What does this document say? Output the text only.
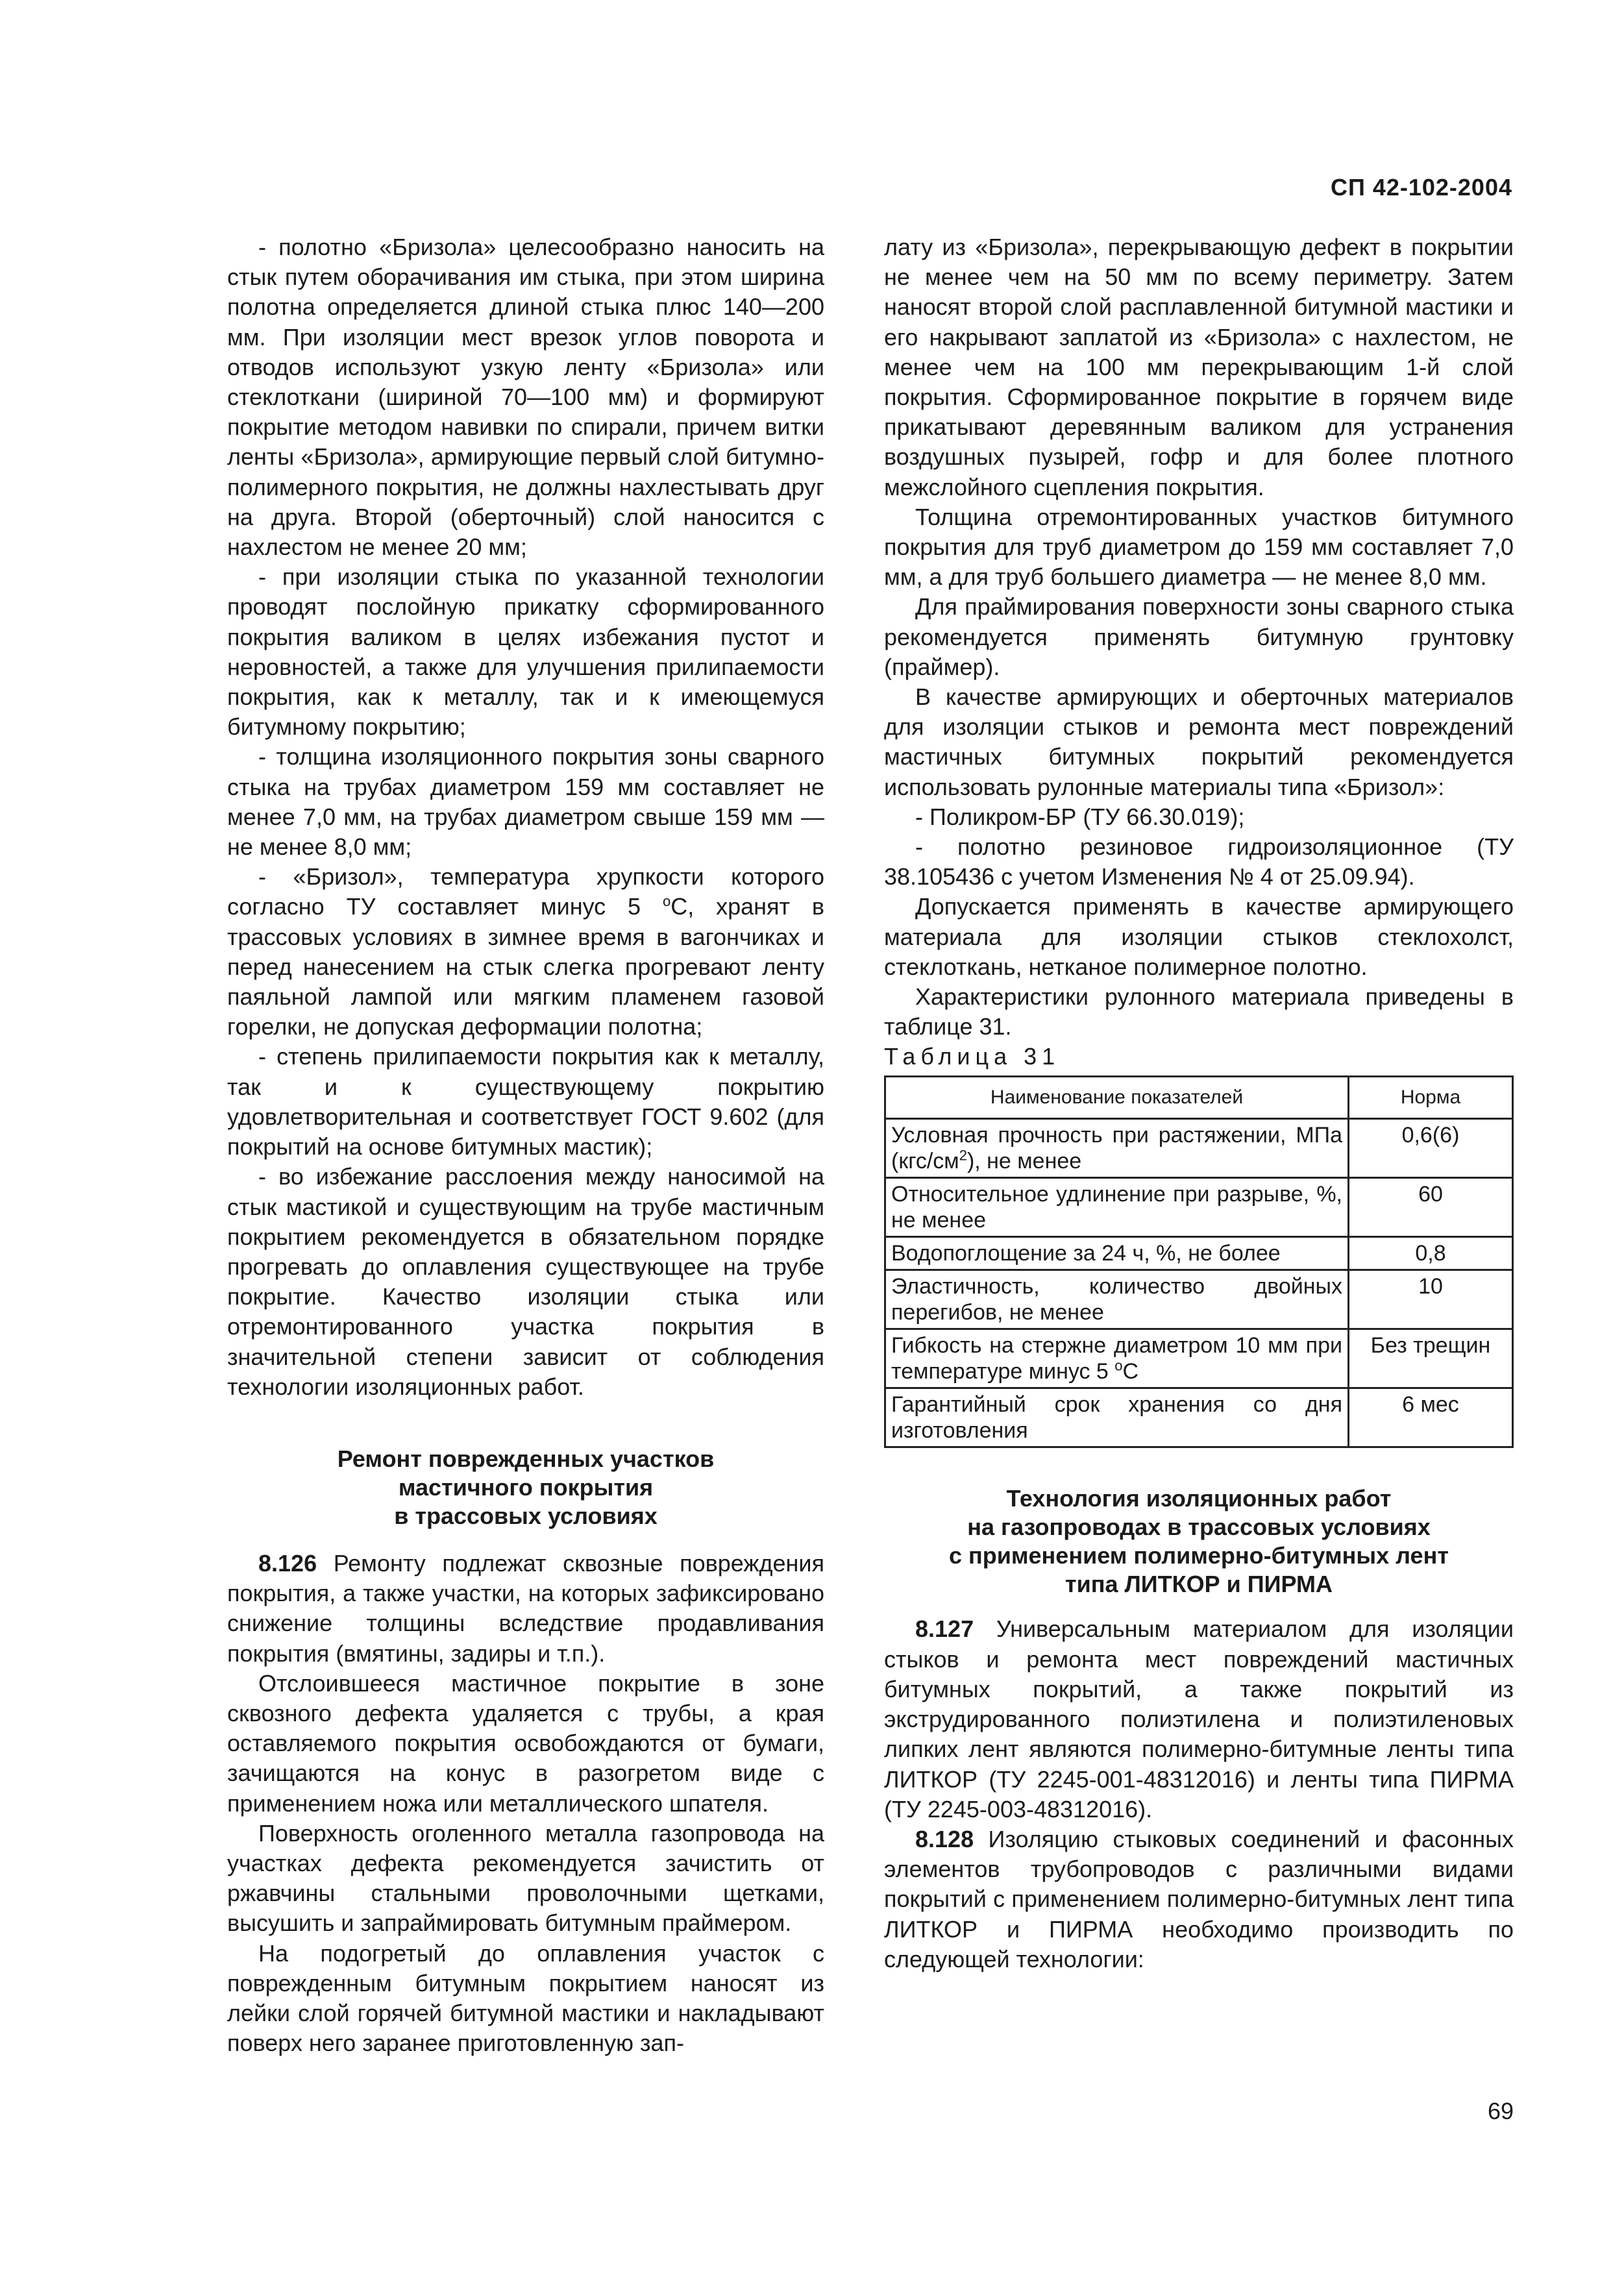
СП 42-102-2004

- полотно «Бризола» целесообразно наносить на стык путем оборачивания им стыка, при этом ширина полотна определяется длиной стыка плюс 140—200 мм. При изоляции мест врезок углов поворота и отводов используют узкую ленту «Бризола» или стеклоткани (шириной 70—100 мм) и формируют покрытие методом навивки по спирали, причем витки ленты «Бризола», армирующие первый слой битумно-полимерного покрытия, не должны нахлестывать друг на друга. Второй (оберточный) слой наносится с нахлестом не менее 20 мм;

- при изоляции стыка по указанной технологии проводят послойную прикатку сформированного покрытия валиком в целях избежания пустот и неровностей, а также для улучшения прилипаемости покрытия, как к металлу, так и к имеющемуся битумному покрытию;

- толщина изоляционного покрытия зоны сварного стыка на трубах диаметром 159 мм составляет не менее 7,0 мм, на трубах диаметром свыше 159 мм — не менее 8,0 мм;

- «Бризол», температура хрупкости которого согласно ТУ составляет минус 5 $^о$С, хранят в трассовых условиях в зимнее время в вагончиках и перед нанесением на стык слегка прогревают ленту паяльной лампой или мягким пламенем газовой горелки, не допуская деформации полотна;

- степень прилипаемости покрытия как к металлу, так и к существующему покрытию удовлетворительная и соответствует ГОСТ 9.602 (для покрытий на основе битумных мастик);

- во избежание расслоения между наносимой на стык мастикой и существующим на трубе мастичным покрытием рекомендуется в обязательном порядке прогревать до оплавления существующее на трубе покрытие. Качество изоляции стыка или отремонтированного участка покрытия в значительной степени зависит от соблюдения технологии изоляционных работ.

Ремонт поврежденных участков

мастичного покрытия

в трассовых условиях

8.126 Ремонту подлежат сквозные повреждения покрытия, а также участки, на которых зафиксировано снижение толщины вследствие продавливания покрытия (вмятины, задиры и т.п.).

Отслоившееся мастичное покрытие в зоне сквозного дефекта удаляется с трубы, а края оставляемого покрытия освобождаются от бумаги, зачищаются на конус в разогретом виде с применением ножа или металлического шпателя.

Поверхность оголенного металла газопровода на участках дефекта рекомендуется зачистить от ржавчины стальными проволочными щетками, высушить и запраймировать битумным праймером.

На подогретый до оплавления участок с поврежденным битумным покрытием наносят из лейки слой горячей битумной мастики и накладывают поверх него заранее приготовленную зап-

лату из «Бризола», перекрывающую дефект в покрытии не менее чем на 50 мм по всему периметру. Затем наносят второй слой расплавленной битумной мастики и его накрывают заплатой из «Бризола» с нахлестом, не менее чем на 100 мм перекрывающим 1-й слой покрытия. Сформированное покрытие в горячем виде прикатывают деревянным валиком для устранения воздушных пузырей, гофр и для более плотного межслойного сцепления покрытия.

Толщина отремонтированных участков битумного покрытия для труб диаметром до 159 мм составляет 7,0 мм, а для труб большего диаметра — не менее 8,0 мм.

Для праймирования поверхности зоны сварного стыка рекомендуется применять битумную грунтовку (праймер).

В качестве армирующих и оберточных материалов для изоляции стыков и ремонта мест повреждений мастичных битумных покрытий рекомендуется использовать рулонные материалы типа «Бризол»:

- Поликром-БР (ТУ 66.30.019);

- полотно резиновое гидроизоляционное (ТУ 38.105436 с учетом Изменения № 4 от 25.09.94).

Допускается применять в качестве армирующего материала для изоляции стыков стеклохолст, стеклоткань, нетканое полимерное полотно.

Характеристики рулонного материала приведены в таблице 31.

Таблица 31

Наименование показателей	Норма
Условная прочность при растяжении, МПа $(кгс/см^2)$, не менее	0,6(6)
Относительное удлинение при разрыве, %, не менее	60
Водопоглощение за 24 ч, %, не более	0,8
Эластичность, количество двойных перегибов, не менее	10
Гибкость на стержне диаметром 10 мм при температуре минус 5 $^о$С	Без трещин
Гарантийный срок хранения со дня изготовления	6 мес

Технология изоляционных работ

на газопроводах в трассовых условиях

с применением полимерно-битумных лент

типа ЛИТКОР и ПИРМА

8.127 Универсальным материалом для изоляции стыков и ремонта мест повреждений мастичных битумных покрытий, а также покрытий из экструдированного полиэтилена и полиэтиленовых липких лент являются полимерно-битумные ленты типа ЛИТКОР (ТУ 2245-001-48312016) и ленты типа ПИРМА (ТУ 2245-003-48312016).

8.128 Изоляцию стыковых соединений и фасонных элементов трубопроводов с различными видами покрытий с применением полимерно-битумных лент типа ЛИТКОР и ПИРМА необходимо производить по следующей технологии:

69
